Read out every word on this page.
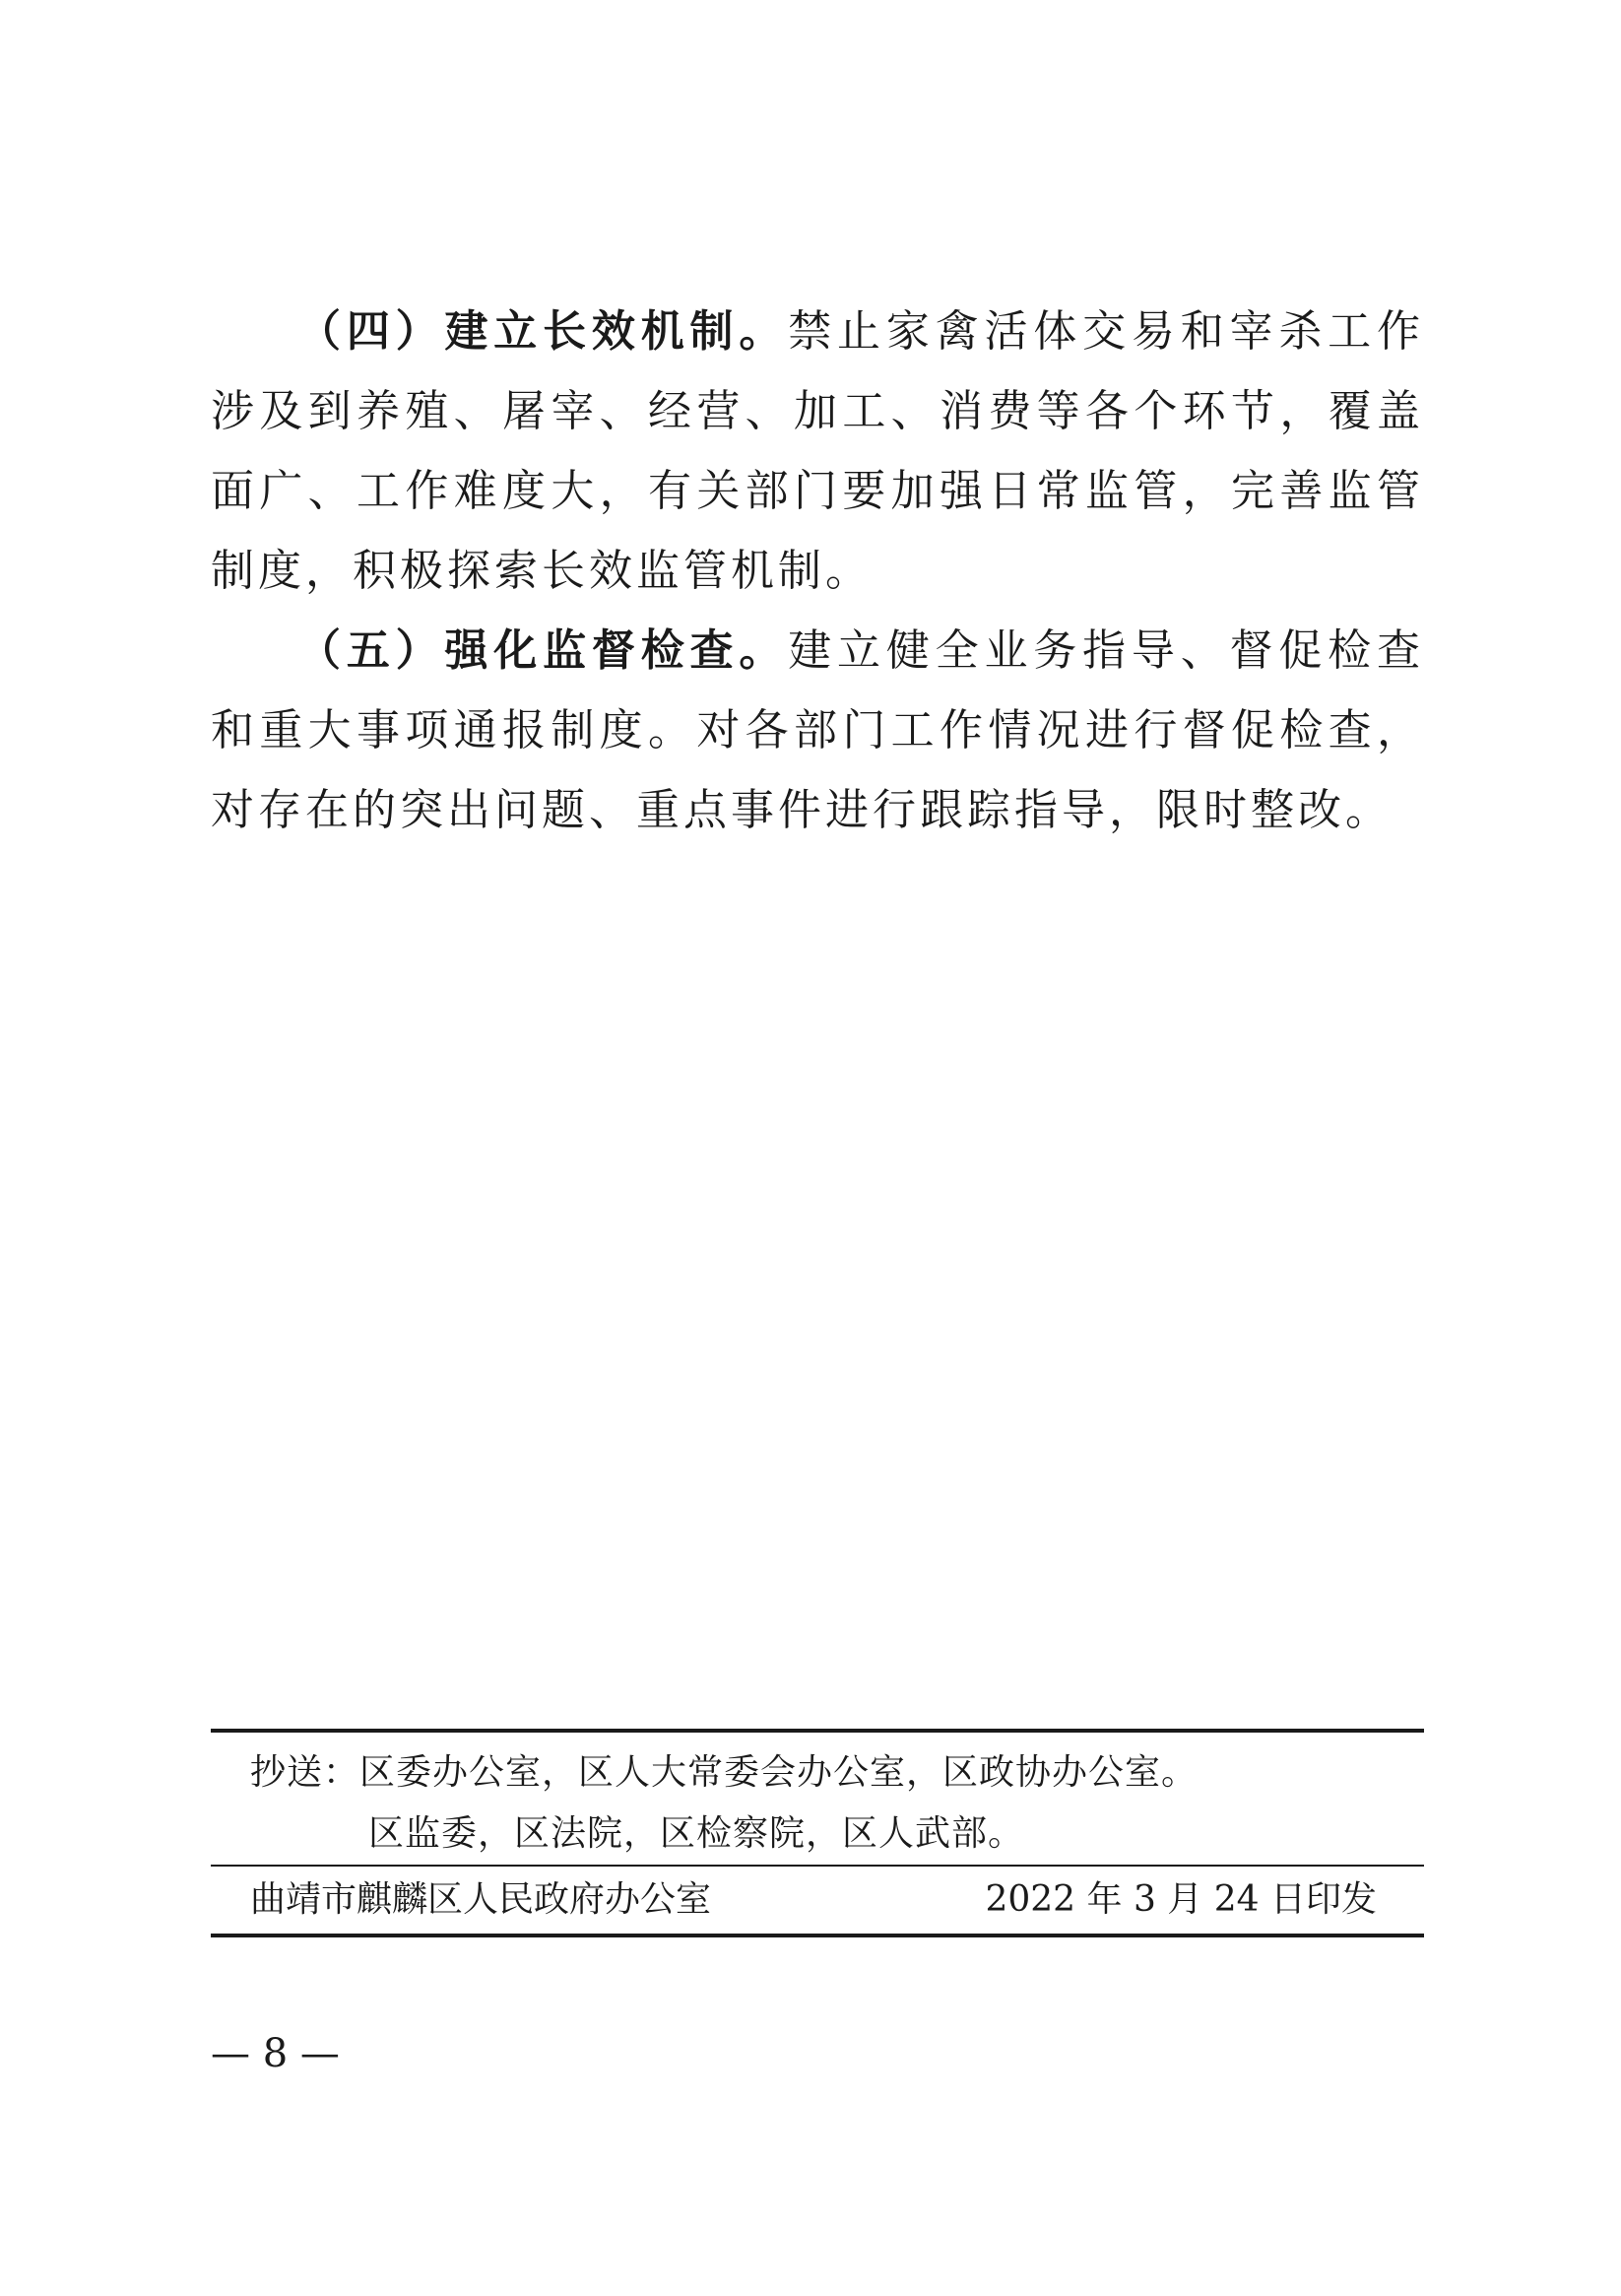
（四）建立长效机制。禁止家禽活体交易和宰杀工作涉及到养殖、屠宰、经营、加工、消费等各个环节，覆盖面广、工作难度大，有关部门要加强日常监管，完善监管制度，积极探索长效监管机制。

（五）强化监督检查。建立健全业务指导、督促检查和重大事项通报制度。对各部门工作情况进行督促检查，对存在的突出问题、重点事件进行跟踪指导，限时整改。

抄送：区委办公室，区人大常委会办公室，区政协办公室。
区监委，区法院，区检察院，区人武部。
曲靖市麒麟区人民政府办公室	2022 年 3 月 24 日印发
— 8 —
